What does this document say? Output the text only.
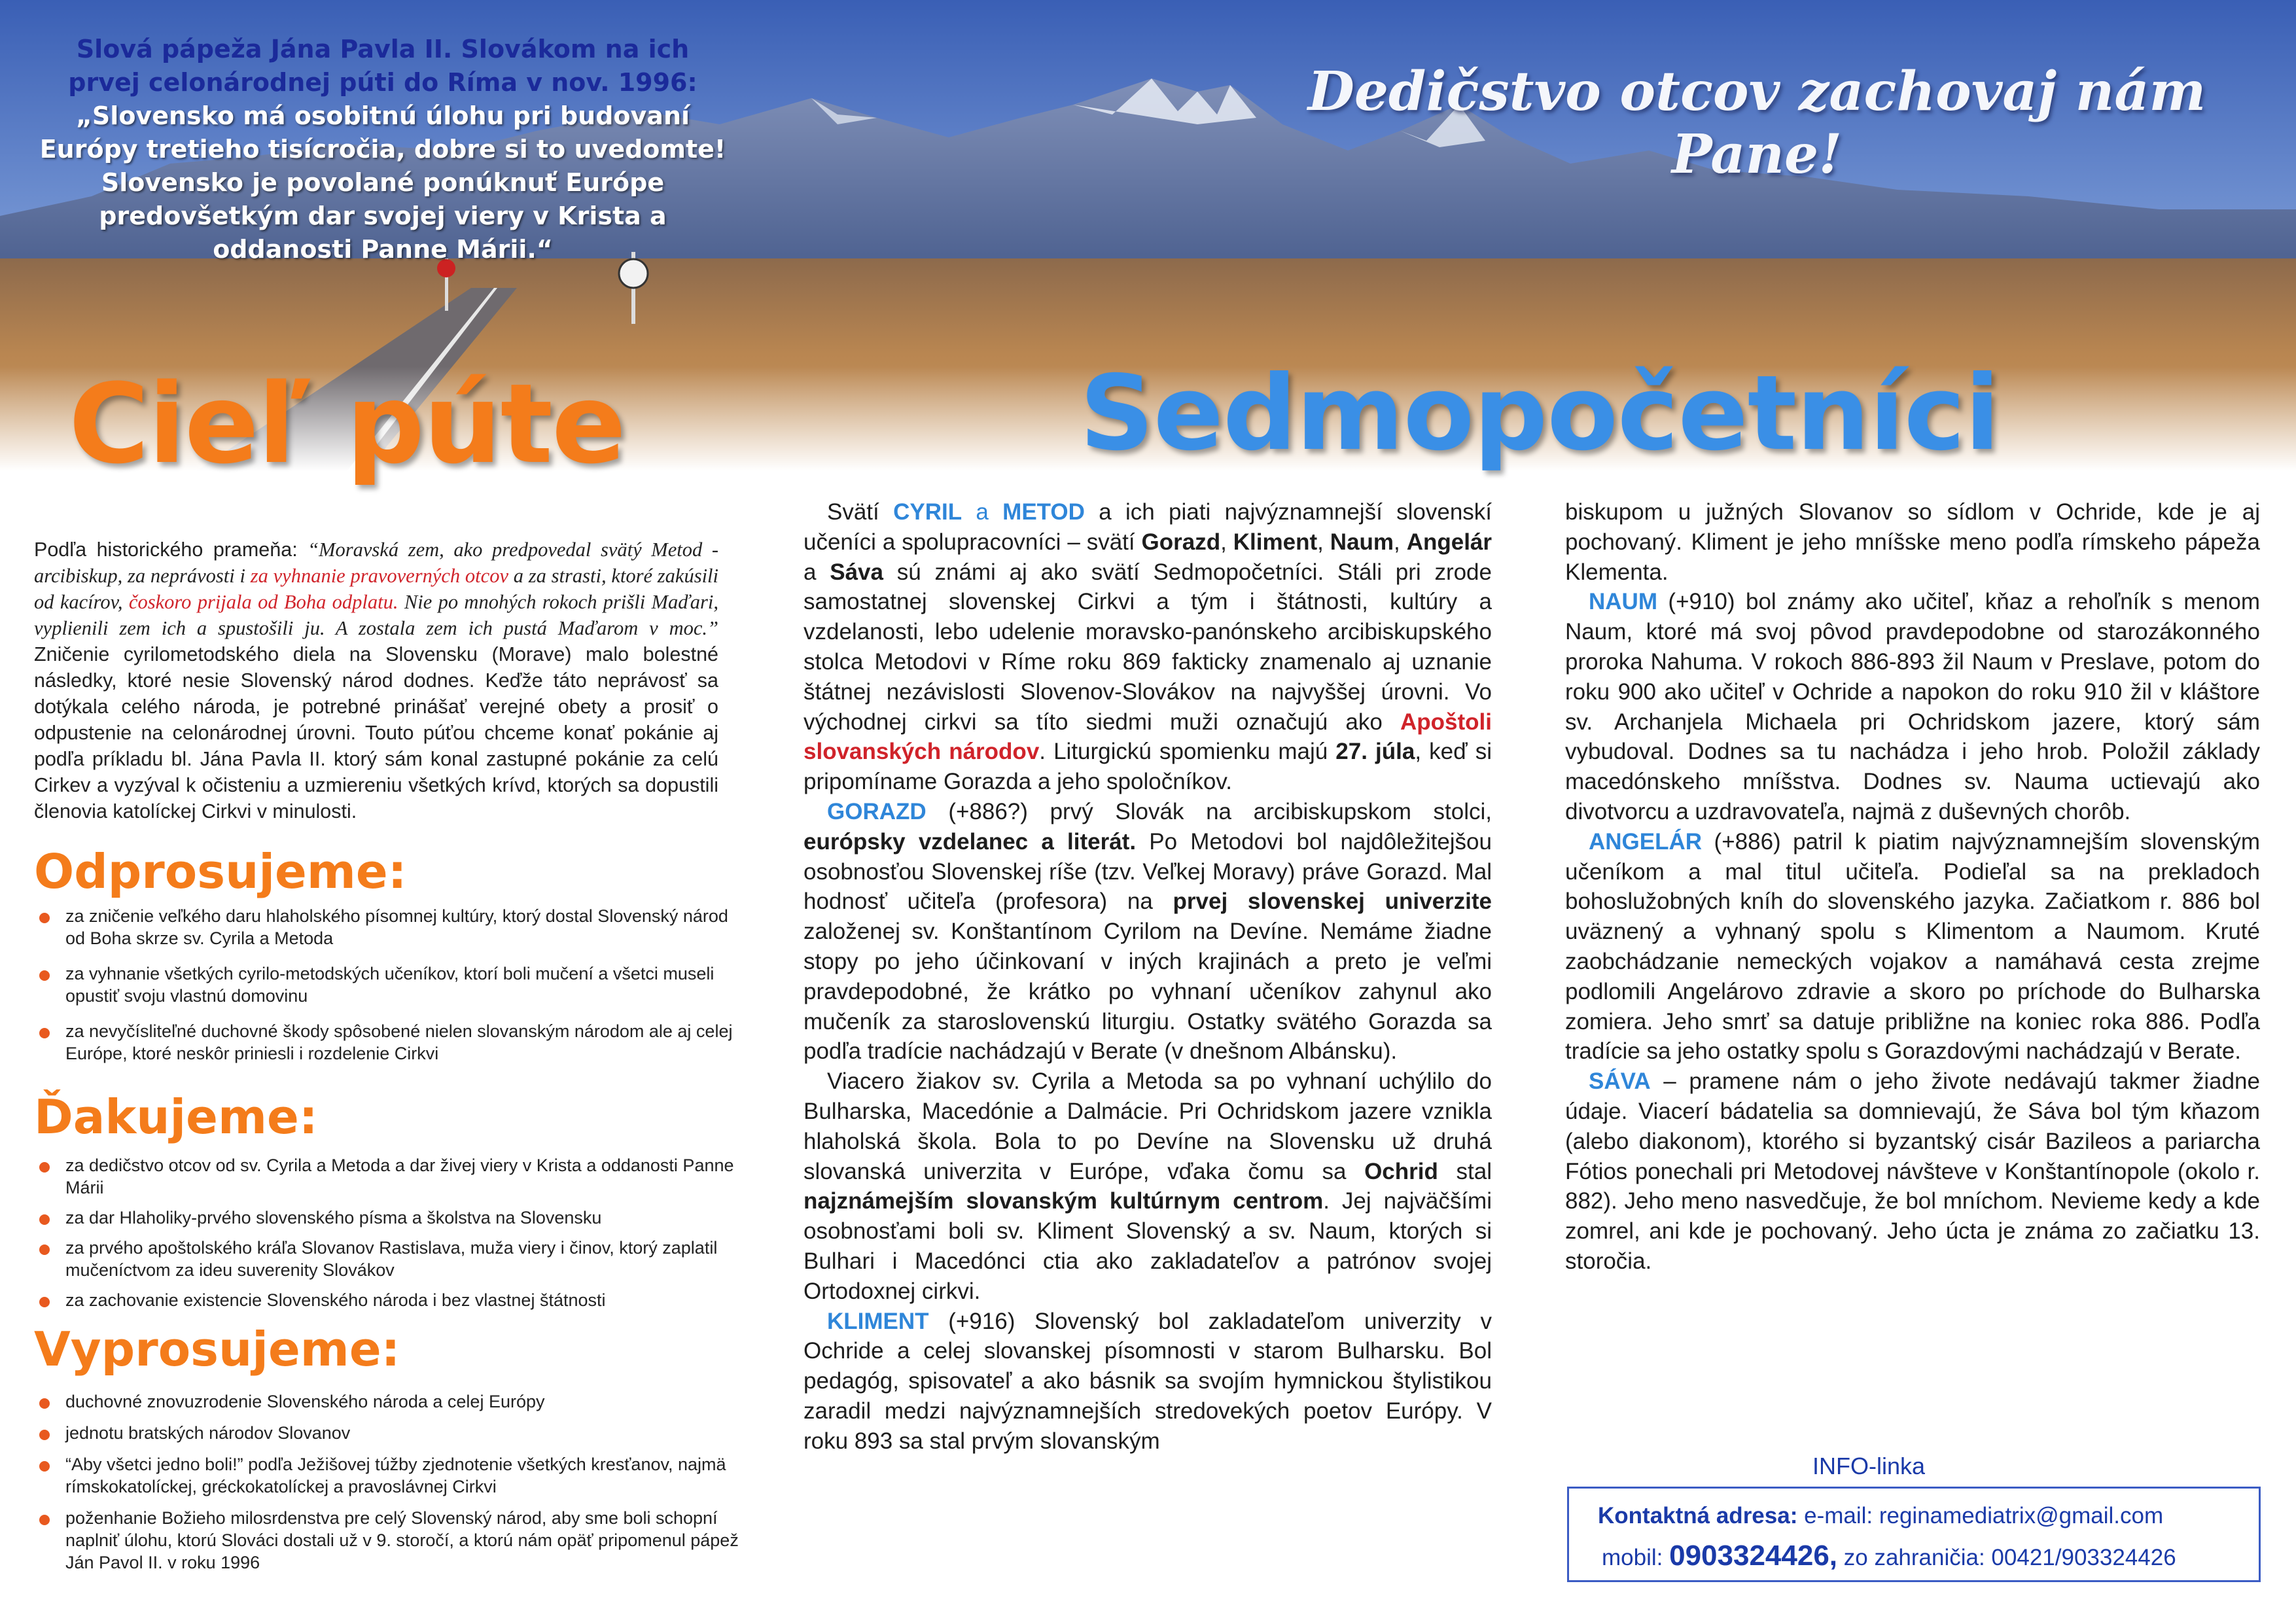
Slová pápeža Jána Pavla II. Slovákom na ich prvej celonárodnej púti do Ríma v nov. 1996:
„Slovensko má osobitnú úlohu pri budovaní Európy tretieho tisícročia, dobre si to uvedomte! Slovensko je povolané ponúknuť Európe predovšetkým dar svojej viery v Krista a oddanosti Panne Márii.“
Dedičstvo otcov zachovaj nám Pane!
Cieľ púte	Sedmopočetníci
Podľa historického prameňa: “Moravská zem, ako predpovedal svätý Metod - arcibiskup, za neprávosti i za vyhnanie pravoverných otcov a za strasti, ktoré zakúsili od kacírov, čoskoro prijala od Boha odplatu. Nie po mnohých rokoch prišli Maďari, vyplienili zem ich a spustošili ju. A zostala zem ich pustá Maďarom v moc.” Zničenie cyrilometodského diela na Slovensku (Morave) malo bolestné následky, ktoré nesie Slovenský národ dodnes. Keďže táto neprávosť sa dotýkala celého národa, je potrebné prinášať verejné obety a prosiť o odpustenie na celonárodnej úrovni. Touto púťou chceme konať pokánie aj podľa príkladu bl. Jána Pavla II. ktorý sám konal zastupné pokánie za celú Cirkev a vyzýval k očisteniu a uzmiereniu všetkých krívd, ktorých sa dopustili členovia katolíckej Cirkvi v minulosti.
Odprosujeme:
za zničenie veľkého daru hlaholského písomnej kultúry, ktorý dostal Slovenský národ od Boha skrze sv. Cyrila a Metoda
za vyhnanie všetkých cyrilo-metodských učeníkov, ktorí boli mučení a všetci museli opustiť svoju vlastnú domovinu
za nevyčísliteľné duchovné škody spôsobené nielen slovanským národom ale aj celej Európe, ktoré neskôr priniesli i rozdelenie Cirkvi
Ďakujeme:
za dedičstvo otcov od sv. Cyrila a Metoda a dar živej viery v Krista a oddanosti Panne Márii
za dar Hlaholiky-prvého slovenského písma a školstva na Slovensku
za prvého apoštolského kráľa Slovanov Rastislava, muža viery i činov, ktorý zaplatil mučeníctvom za ideu suverenity Slovákov
za zachovanie existencie Slovenského národa i bez vlastnej štátnosti
Vyprosujeme:
duchovné znovuzrodenie Slovenského národa a celej Európy
jednotu bratských národov Slovanov
“Aby všetci jedno boli!” podľa Ježišovej túžby zjednotenie všetkých kresťanov, najmä rímskokatolíckej, gréckokatolíckej a pravoslávnej Cirkvi
poženhanie Božieho milosrdenstva pre celý Slovenský národ, aby sme boli schopní naplniť úlohu, ktorú Slováci dostali už v 9. storočí, a ktorú nám opäť pripomenul pápež Ján Pavol II. v roku 1996

Svätí CYRIL a METOD a ich piati najvýznamnejší slovenskí učeníci a spolupracovníci – svätí Gorazd, Kliment, Naum, Angelár a Sáva sú známi aj ako svätí Sedmopočetníci. Stáli pri zrode samostatnej slovenskej Cirkvi a tým i štátnosti, kultúry a vzdelanosti, lebo udelenie moravsko-panónskeho arcibiskupského stolca Metodovi v Ríme roku 869 fakticky znamenalo aj uznanie štátnej nezávislosti Slovenov-Slovákov na najvyššej úrovni. Vo východnej cirkvi sa títo siedmi muži označujú ako Apoštoli slovanských národov. Liturgickú spomienku majú 27. júla, keď si pripomíname Gorazda a jeho spoločníkov.

GORAZD (+886?) prvý Slovák na arcibiskupskom stolci, európsky vzdelanec a literát. Po Metodovi bol najdôležitejšou osobnosťou Slovenskej ríše (tzv. Veľkej Moravy) práve Gorazd. Mal hodnosť učiteľa (profesora) na prvej slovenskej univerzite založenej sv. Konštantínom Cyrilom na Devíne. Nemáme žiadne stopy po jeho účinkovaní v iných krajinách a preto je veľmi pravdepodobné, že krátko po vyhnaní učeníkov zahynul ako mučeník za staroslovenskú liturgiu. Ostatky svätého Gorazda sa podľa tradície nachádzajú v Berate (v dnešnom Albánsku).

Viacero žiakov sv. Cyrila a Metoda sa po vyhnaní uchýlilo do Bulharska, Macedónie a Dalmácie. Pri Ochridskom jazere vznikla hlaholská škola. Bola to po Devíne na Slovensku už druhá slovanská univerzita v Európe, vďaka čomu sa Ochrid stal najznámejším slovanským kultúrnym centrom. Jej najväčšími osobnosťami boli sv. Kliment Slovenský a sv. Naum, ktorých si Bulhari i Macedónci ctia ako zakladateľov a patrónov svojej Ortodoxnej cirkvi.

KLIMENT (+916) Slovenský bol zakladateľom univerzity v Ochride a celej slovanskej písomnosti v starom Bulharsku. Bol pedagóg, spisovateľ a ako básnik sa svojím hymnickou štylistikou zaradil medzi najvýznamnejších stredovekých poetov Európy. V roku 893 sa stal prvým slovanským

biskupom u južných Slovanov so sídlom v Ochride, kde je aj pochovaný. Kliment je jeho mníšske meno podľa rímskeho pápeža Klementa.

NAUM (+910) bol známy ako učiteľ, kňaz a rehoľník s menom Naum, ktoré má svoj pôvod pravdepodobne od starozákonného proroka Nahuma. V rokoch 886-893 žil Naum v Preslave, potom do roku 900 ako učiteľ v Ochride a napokon do roku 910 žil v kláštore sv. Archanjela Michaela pri Ochridskom jazere, ktorý sám vybudoval. Dodnes sa tu nachádza i jeho hrob. Položil základy macedónskeho mníšstva. Dodnes sv. Nauma uctievajú ako divotvorcu a uzdravovateľa, najmä z duševných chorôb.

ANGELÁR (+886) patril k piatim najvýznamnejším slovenským učeníkom a mal titul učiteľa. Podieľal sa na prekladoch bohoslužobných kníh do slovenského jazyka. Začiatkom r. 886 bol uväznený a vyhnaný spolu s Klimentom a Naumom. Kruté zaobchádzanie nemeckých vojakov a namáhavá cesta zrejme podlomili Angelárovo zdravie a skoro po príchode do Bulharska zomiera. Jeho smrť sa datuje približne na koniec roka 886. Podľa tradície sa jeho ostatky spolu s Gorazdovými nachádzajú v Berate.

SÁVA – pramene nám o jeho živote nedávajú takmer žiadne údaje. Viacerí bádatelia sa domnievajú, že Sáva bol tým kňazom (alebo diakonom), ktorého si byzantský cisár Bazileos a pariarcha Fótios ponechali pri Metodovej návšteve v Konštantínopole (okolo r. 882). Jeho meno nasvedčuje, že bol mníchom. Nevieme kedy a kde zomrel, ani kde je pochovaný. Jeho úcta je známa zo začiatku 13. storočia.

INFO-linka
Kontaktná adresa: e-mail: reginamediatrix@gmail.com
mobil: 0903324426, zo zahraničia: 00421/903324426
